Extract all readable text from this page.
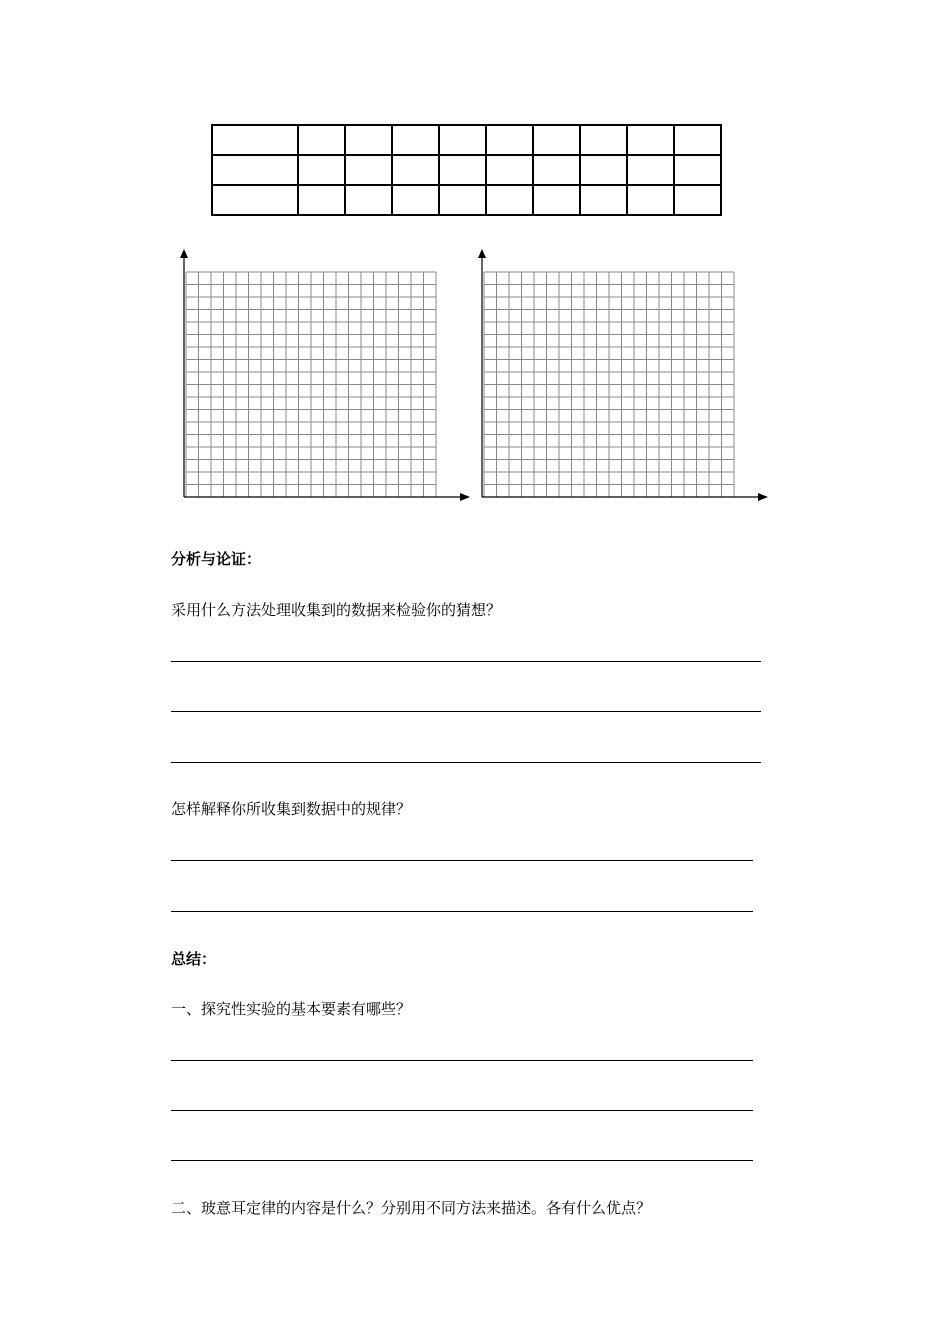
分析与论证：
采用什么方法处理收集到的数据来检验你的猜想？
怎样解释你所收集到数据中的规律？
总结：
一、探究性实验的基本要素有哪些？
二、玻意耳定律的内容是什么？分别用不同方法来描述。各有什么优点？
